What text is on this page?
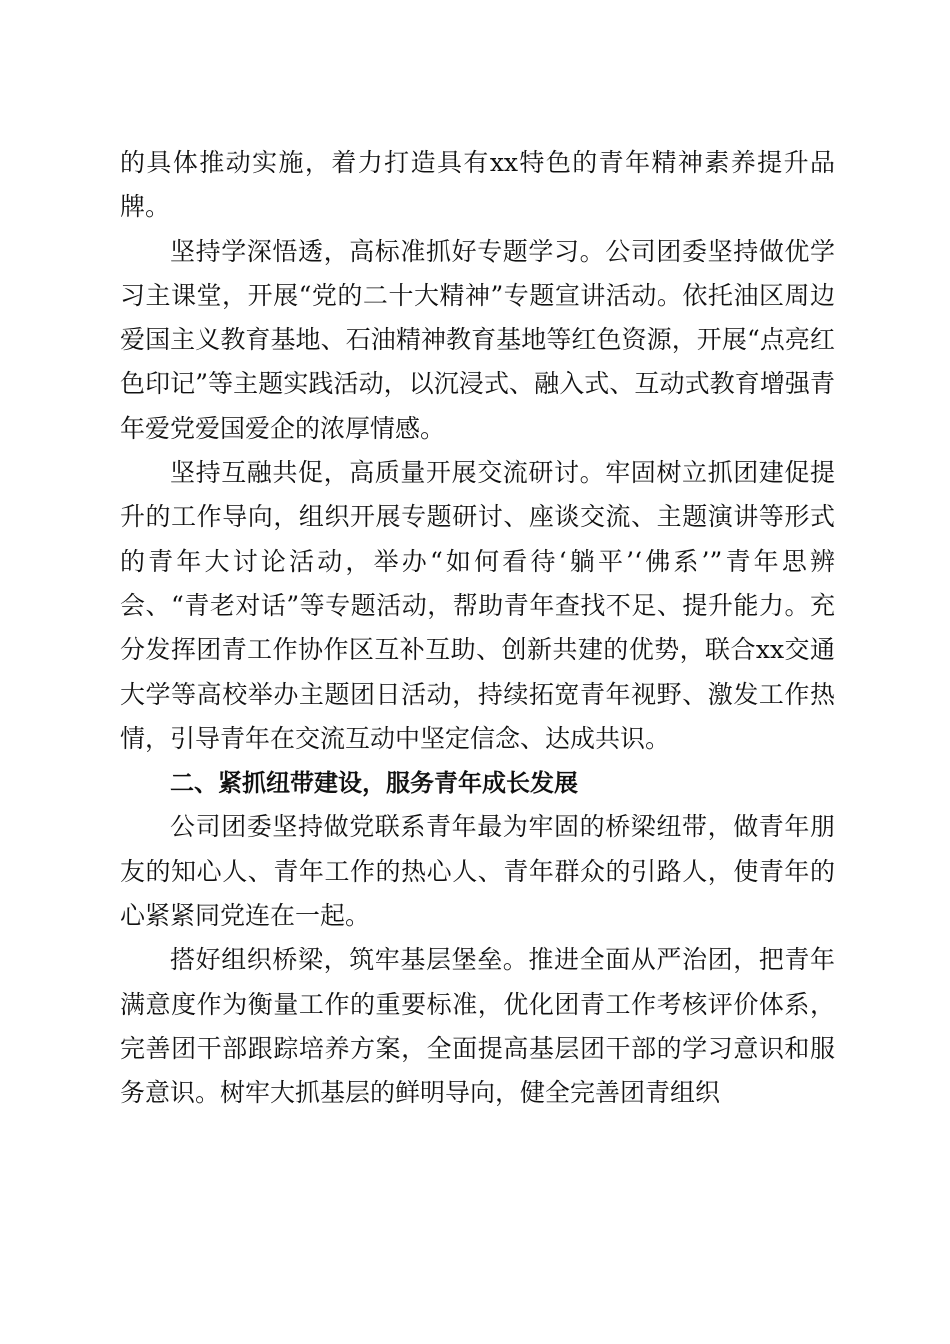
的具体推动实施，着力打造具有xx特色的青年精神素养提升品牌。

坚持学深悟透，高标准抓好专题学习。公司团委坚持做优学习主课堂，开展“党的二十大精神”专题宣讲活动。依托油区周边爱国主义教育基地、石油精神教育基地等红色资源，开展“点亮红色印记”等主题实践活动，以沉浸式、融入式、互动式教育增强青年爱党爱国爱企的浓厚情感。

坚持互融共促，高质量开展交流研讨。牢固树立抓团建促提升的工作导向，组织开展专题研讨、座谈交流、主题演讲等形式的青年大讨论活动，举办“如何看待‘躺平’‘佛系’”青年思辨会、“青老对话”等专题活动，帮助青年查找不足、提升能力。充分发挥团青工作协作区互补互助、创新共建的优势，联合xx交通大学等高校举办主题团日活动，持续拓宽青年视野、激发工作热情，引导青年在交流互动中坚定信念、达成共识。

二、紧抓纽带建设，服务青年成长发展

公司团委坚持做党联系青年最为牢固的桥梁纽带，做青年朋友的知心人、青年工作的热心人、青年群众的引路人，使青年的心紧紧同党连在一起。

搭好组织桥梁，筑牢基层堡垒。推进全面从严治团，把青年满意度作为衡量工作的重要标准，优化团青工作考核评价体系，完善团干部跟踪培养方案，全面提高基层团干部的学习意识和服务意识。树牢大抓基层的鲜明导向，健全完善团青组织
